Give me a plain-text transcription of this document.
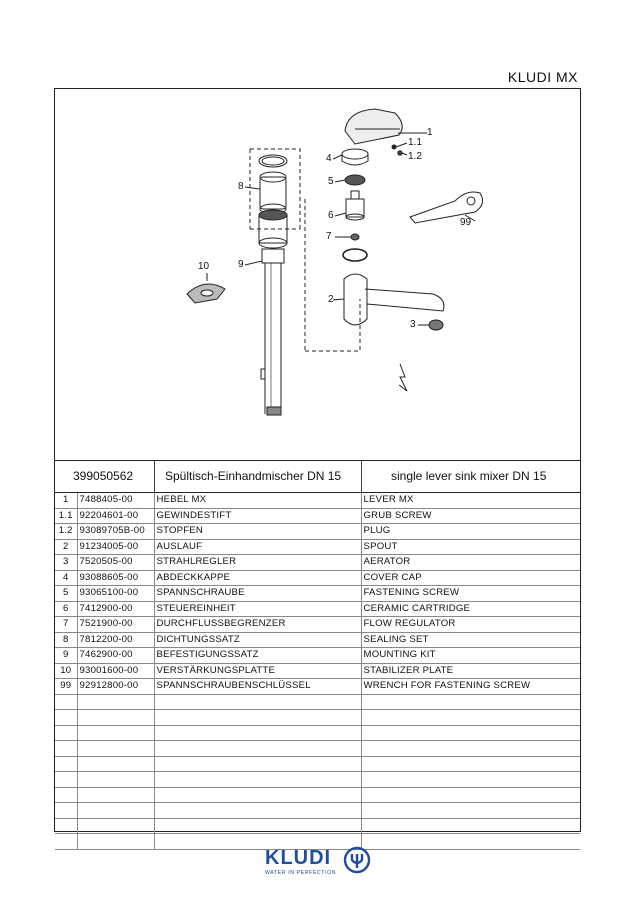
KLUDI MX
1
1.1
1.2
4
5
6
7
8
9
10
2
3
99
399050562	Spültisch-Einhandmischer DN 15	single lever sink mixer DN 15
1	7488405-00	HEBEL MX	LEVER MX
1.1	92204601-00	GEWINDESTIFT	GRUB SCREW
1.2	93089705B-00	STOPFEN	PLUG
2	91234005-00	AUSLAUF	SPOUT
3	7520505-00	STRAHLREGLER	AERATOR
4	93088605-00	ABDECKKAPPE	COVER CAP
5	93065100-00	SPANNSCHRAUBE	FASTENING SCREW
6	7412900-00	STEUEREINHEIT	CERAMIC CARTRIDGE
7	7521900-00	DURCHFLUSSBEGRENZER	FLOW REGULATOR
8	7812200-00	DICHTUNGSSATZ	SEALING SET
9	7462900-00	BEFESTIGUNGSSATZ	MOUNTING KIT
10	93001600-00	VERSTÄRKUNGSPLATTE	STABILIZER PLATE
99	92912800-00	SPANNSCHRAUBENSCHLÜSSEL	WRENCH FOR FASTENING SCREW

KLUDI
WATER IN PERFECTION
